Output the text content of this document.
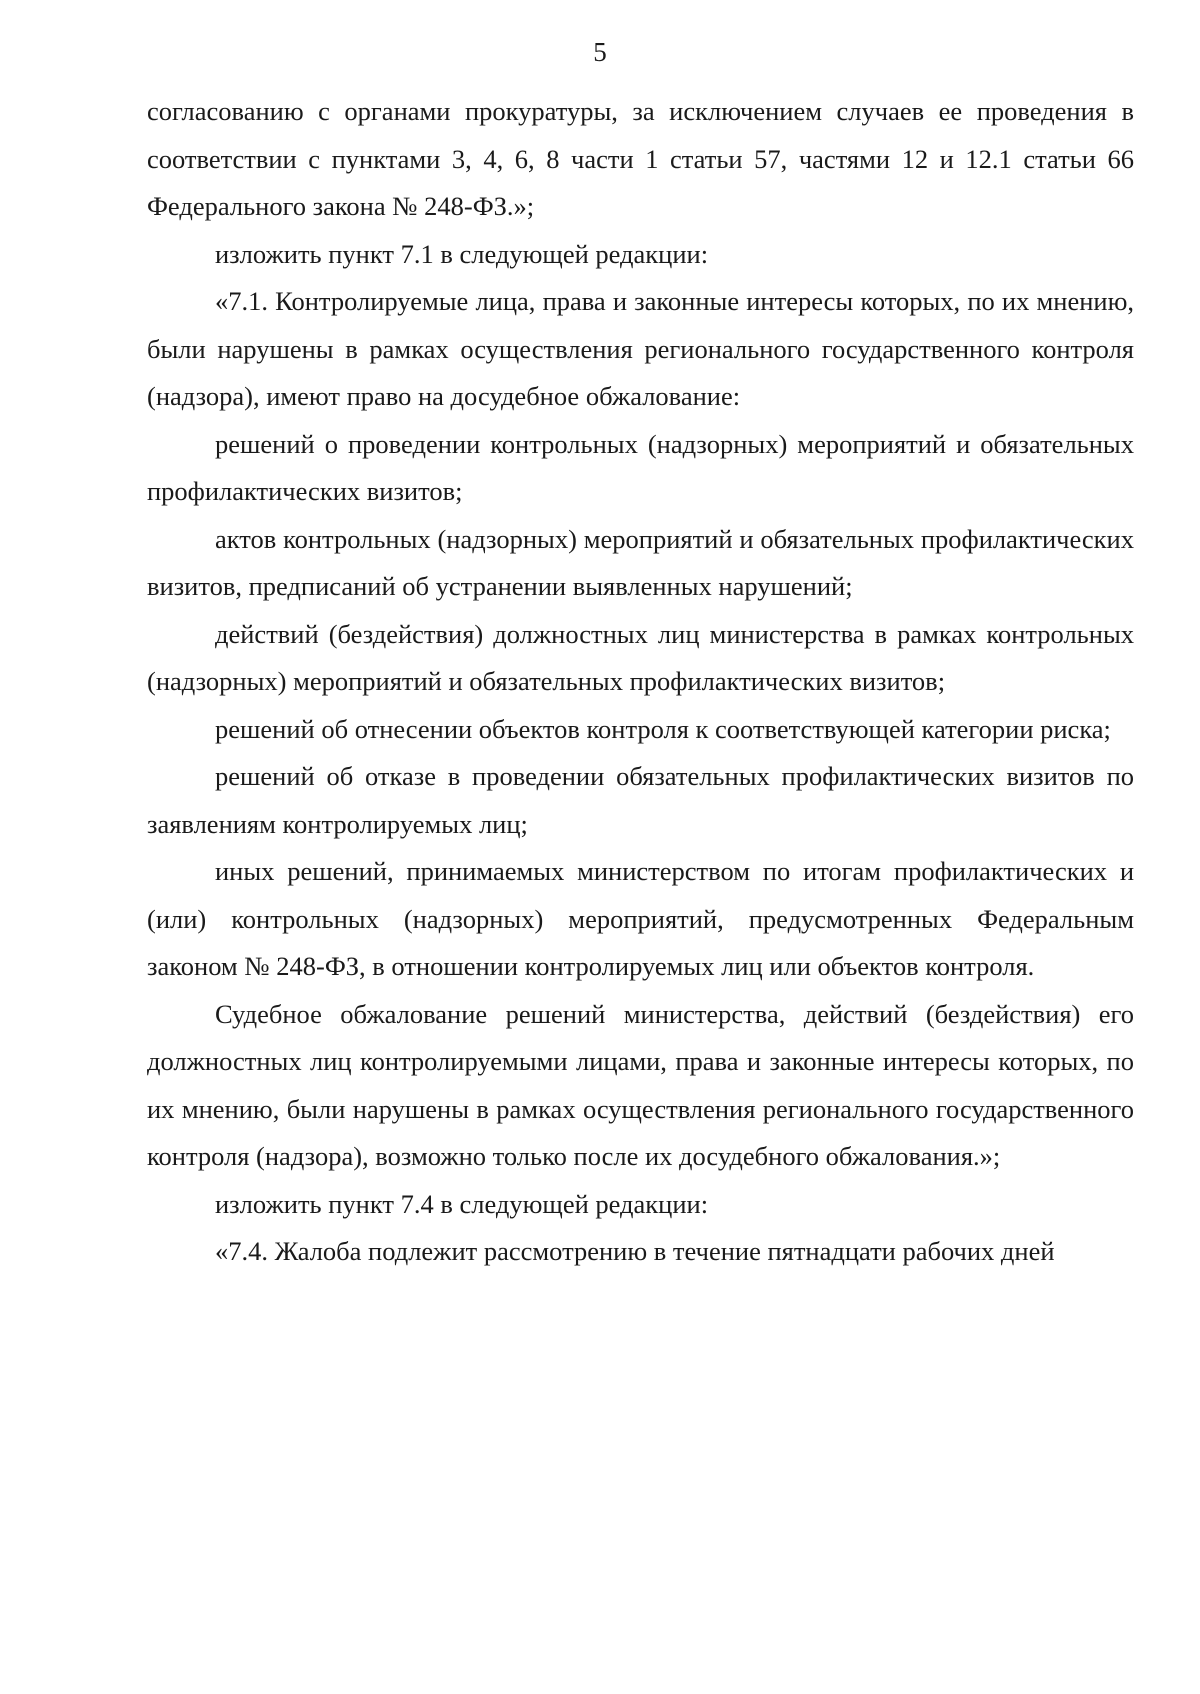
5

согласованию с органами прокуратуры, за исключением случаев ее проведения в соответствии с пунктами 3, 4, 6, 8 части 1 статьи 57, частями 12 и 12.1 статьи 66 Федерального закона № 248-ФЗ.»;

изложить пункт 7.1 в следующей редакции:

«7.1. Контролируемые лица, права и законные интересы которых, по их мнению, были нарушены в рамках осуществления регионального государственного контроля (надзора), имеют право на досудебное обжалование:

решений о проведении контрольных (надзорных) мероприятий и обязательных профилактических визитов;

актов контрольных (надзорных) мероприятий и обязательных профилактических визитов, предписаний об устранении выявленных нарушений;

действий (бездействия) должностных лиц министерства в рамках контрольных (надзорных) мероприятий и обязательных профилактических визитов;

решений об отнесении объектов контроля к соответствующей категории риска;

решений об отказе в проведении обязательных профилактических визитов по заявлениям контролируемых лиц;

иных решений, принимаемых министерством по итогам профилактических и (или) контрольных (надзорных) мероприятий, предусмотренных Федеральным законом № 248-ФЗ, в отношении контролируемых лиц или объектов контроля.

Судебное обжалование решений министерства, действий (бездействия) его должностных лиц контролируемыми лицами, права и законные интересы которых, по их мнению, были нарушены в рамках осуществления регионального государственного контроля (надзора), возможно только после их досудебного обжалования.»;

изложить пункт 7.4 в следующей редакции:

«7.4. Жалоба подлежит рассмотрению в течение пятнадцати рабочих дней
